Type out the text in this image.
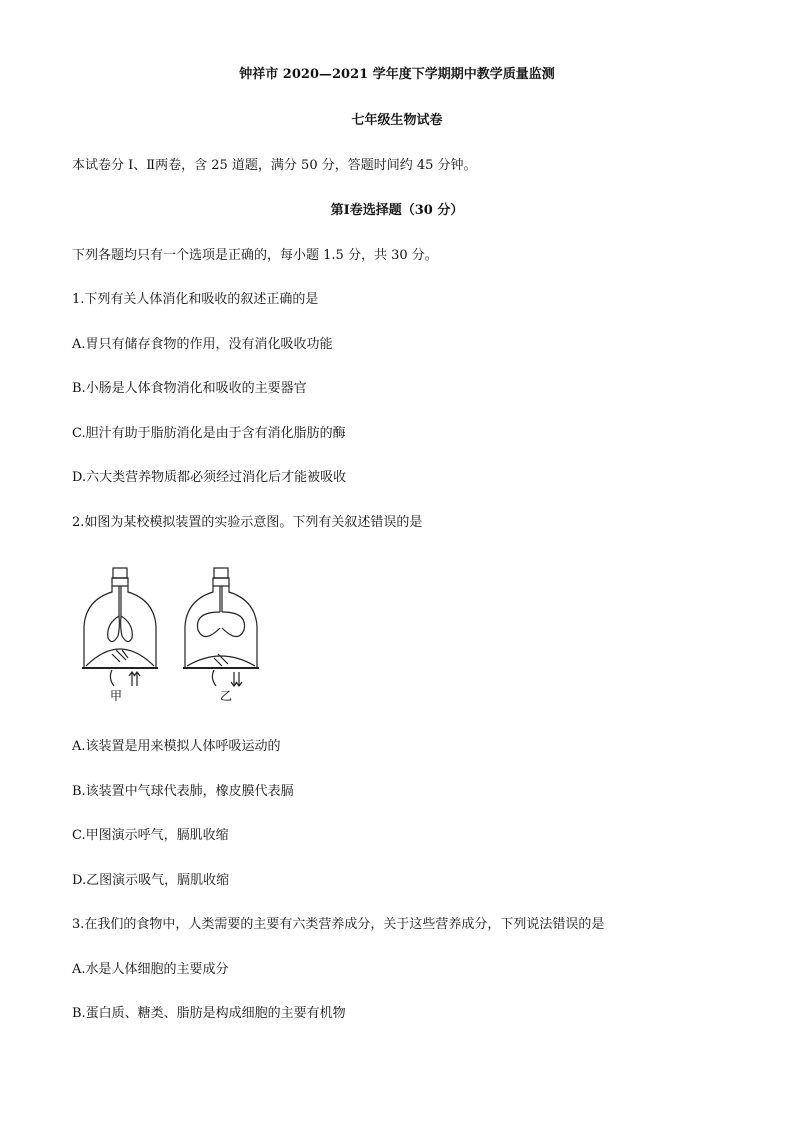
钟祥市 2020—2021 学年度下学期期中教学质量监测
七年级生物试卷
本试卷分 I、Ⅱ两卷，含 25 道题，满分 50 分，答题时间约 45 分钟。
第Ⅰ卷选择题（30 分）
下列各题均只有一个选项是正确的，每小题 1.5 分，共 30 分。
1.下列有关人体消化和吸收的叙述正确的是
A.胃只有储存食物的作用，没有消化吸收功能
B.小肠是人体食物消化和吸收的主要器官
C.胆汁有助于脂肪消化是由于含有消化脂肪的酶
D.六大类营养物质都必须经过消化后才能被吸收
2.如图为某校模拟装置的实验示意图。下列有关叙述错误的是
甲	乙
A.该装置是用来模拟人体呼吸运动的
B.该装置中气球代表肺，橡皮膜代表膈
C.甲图演示呼气，膈肌收缩
D.乙图演示吸气，膈肌收缩
3.在我们的食物中，人类需要的主要有六类营养成分，关于这些营养成分，下列说法错误的是
A.水是人体细胞的主要成分
B.蛋白质、糖类、脂肪是构成细胞的主要有机物
